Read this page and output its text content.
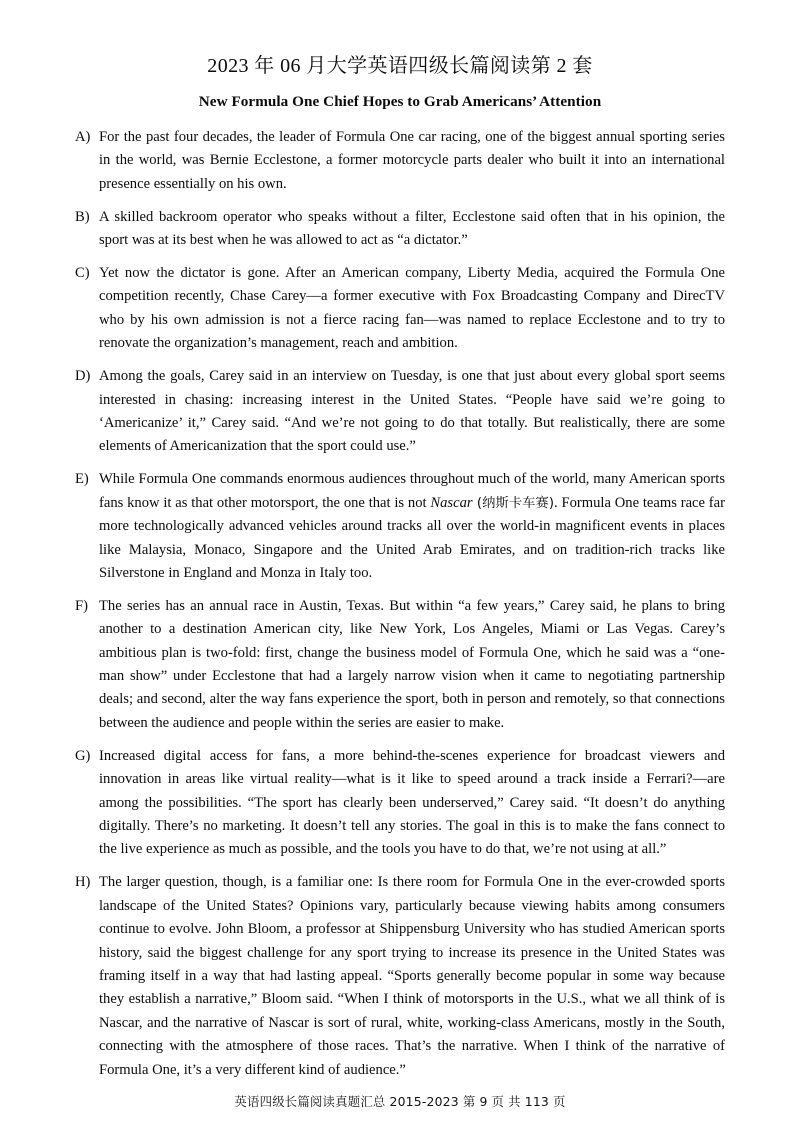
2023 年 06 月大学英语四级长篇阅读第 2 套
New Formula One Chief Hopes to Grab Americans’ Attention

A) For the past four decades, the leader of Formula One car racing, one of the biggest annual sporting series in the world, was Bernie Ecclestone, a former motorcycle parts dealer who built it into an international presence essentially on his own.

B) A skilled backroom operator who speaks without a filter, Ecclestone said often that in his opinion, the sport was at its best when he was allowed to act as “a dictator.”

C) Yet now the dictator is gone. After an American company, Liberty Media, acquired the Formula One competition recently, Chase Carey—a former executive with Fox Broadcasting Company and DirecTV who by his own admission is not a fierce racing fan—was named to replace Ecclestone and to try to renovate the organization’s management, reach and ambition.

D) Among the goals, Carey said in an interview on Tuesday, is one that just about every global sport seems interested in chasing: increasing interest in the United States. “People have said we’re going to ‘Americanize’ it,” Carey said. “And we’re not going to do that totally. But realistically, there are some elements of Americanization that the sport could use.”

E) While Formula One commands enormous audiences throughout much of the world, many American sports fans know it as that other motorsport, the one that is not Nascar (纳斯卡车赛). Formula One teams race far more technologically advanced vehicles around tracks all over the world-in magnificent events in places like Malaysia, Monaco, Singapore and the United Arab Emirates, and on tradition-rich tracks like Silverstone in England and Monza in Italy too.

F) The series has an annual race in Austin, Texas. But within “a few years,” Carey said, he plans to bring another to a destination American city, like New York, Los Angeles, Miami or Las Vegas. Carey’s ambitious plan is two-fold: first, change the business model of Formula One, which he said was a “one-man show” under Ecclestone that had a largely narrow vision when it came to negotiating partnership deals; and second, alter the way fans experience the sport, both in person and remotely, so that connections between the audience and people within the series are easier to make.

G) Increased digital access for fans, a more behind-the-scenes experience for broadcast viewers and innovation in areas like virtual reality—what is it like to speed around a track inside a Ferrari?—are among the possibilities. “The sport has clearly been underserved,” Carey said. “It doesn’t do anything digitally. There’s no marketing. It doesn’t tell any stories. The goal in this is to make the fans connect to the live experience as much as possible, and the tools you have to do that, we’re not using at all.”

H) The larger question, though, is a familiar one: Is there room for Formula One in the ever-crowded sports landscape of the United States? Opinions vary, particularly because viewing habits among consumers continue to evolve. John Bloom, a professor at Shippensburg University who has studied American sports history, said the biggest challenge for any sport trying to increase its presence in the United States was framing itself in a way that had lasting appeal. “Sports generally become popular in some way because they establish a narrative,” Bloom said. “When I think of motorsports in the U.S., what we all think of is Nascar, and the narrative of Nascar is sort of rural, white, working-class Americans, mostly in the South, connecting with the atmosphere of those races. That’s the narrative. When I think of the narrative of Formula One, it’s a very different kind of audience.”

英语四级长篇阅读真题汇总 2015-2023 第 9 页 共 113 页
